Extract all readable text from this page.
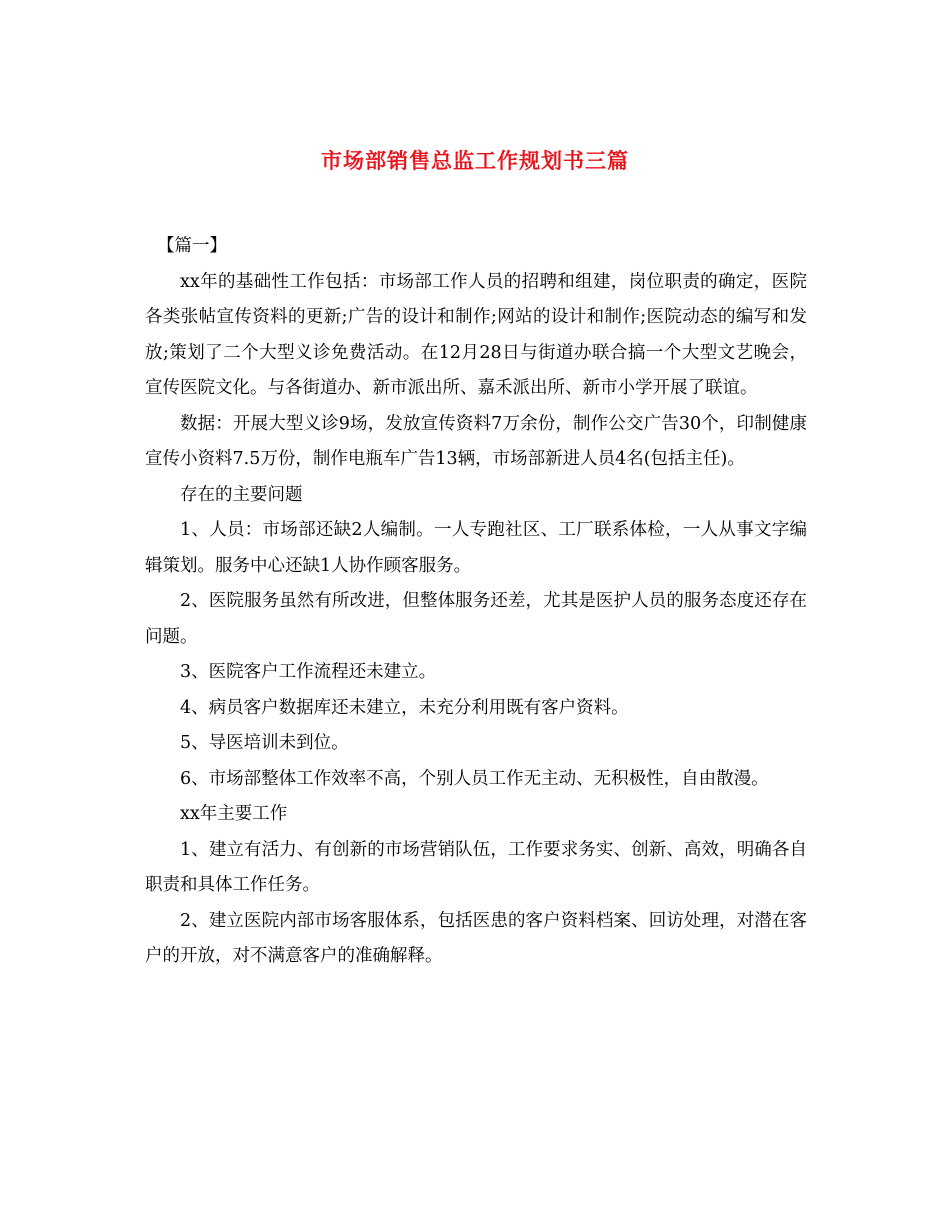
市场部销售总监工作规划书三篇

【篇一】

xx年的基础性工作包括：市场部工作人员的招聘和组建，岗位职责的确定，医院各类张帖宣传资料的更新;广告的设计和制作;网站的设计和制作;医院动态的编写和发放;策划了二个大型义诊免费活动。在12月28日与街道办联合搞一个大型文艺晚会，宣传医院文化。与各街道办、新市派出所、嘉禾派出所、新市小学开展了联谊。

数据：开展大型义诊9场，发放宣传资料7万余份，制作公交广告30个，印制健康宣传小资料7.5万份，制作电瓶车广告13辆，市场部新进人员4名(包括主任)。

存在的主要问题

1、人员：市场部还缺2人编制。一人专跑社区、工厂联系体检，一人从事文字编辑策划。服务中心还缺1人协作顾客服务。

2、医院服务虽然有所改进，但整体服务还差，尤其是医护人员的服务态度还存在问题。

3、医院客户工作流程还未建立。

4、病员客户数据库还未建立，未充分利用既有客户资料。

5、导医培训未到位。

6、市场部整体工作效率不高，个别人员工作无主动、无积极性，自由散漫。

xx年主要工作

1、建立有活力、有创新的市场营销队伍，工作要求务实、创新、高效，明确各自职责和具体工作任务。

2、建立医院内部市场客服体系，包括医患的客户资料档案、回访处理，对潜在客户的开放，对不满意客户的准确解释。
